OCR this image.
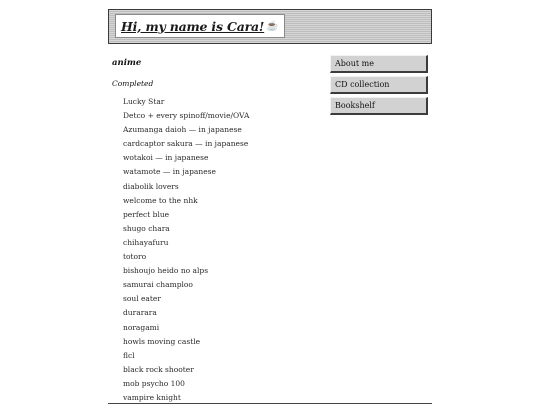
Hi, my name is Cara! ☕
anime
Completed
Lucky Star
Detco + every spinoff/movie/OVA
Azumanga daioh — in japanese
cardcaptor sakura — in japanese
wotakoi — in japanese
watamote — in japanese
diabolik lovers
welcome to the nhk
perfect blue
shugo chara
chihayafuru
totoro
bishoujo heido no alps
samurai champloo
soul eater
durarara
noragami
howls moving castle
flcl
black rock shooter
mob psycho 100
vampire knight
About me
CD collection
Bookshelf
